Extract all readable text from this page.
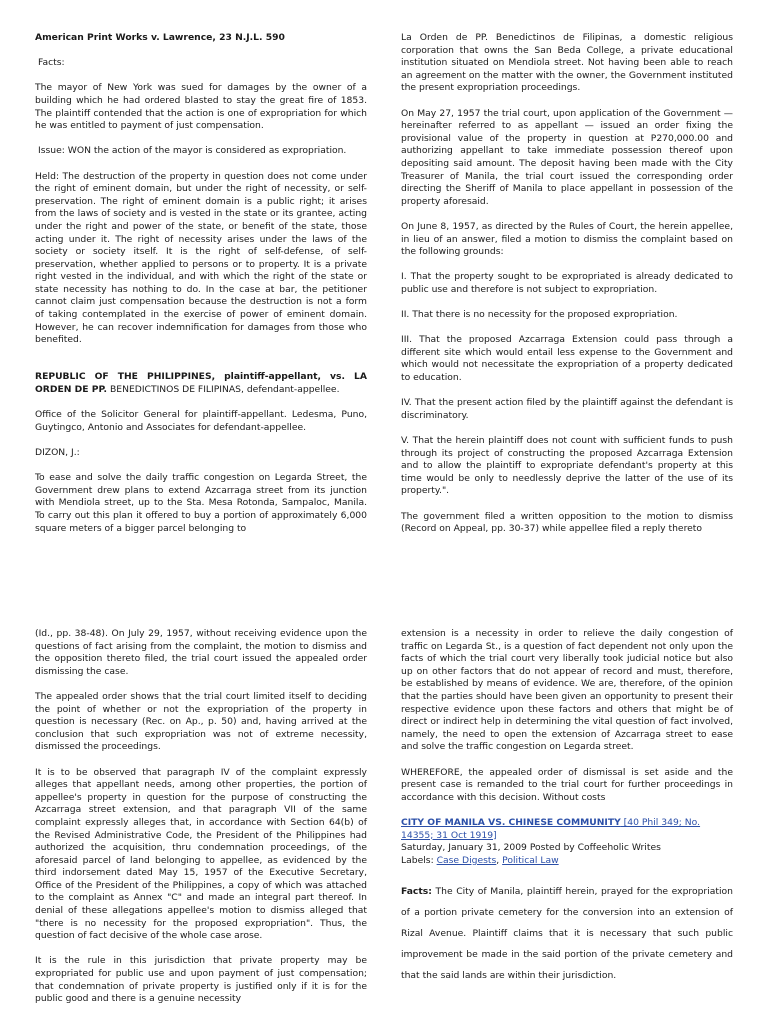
American Print Works v. Lawrence, 23 N.J.L. 590

Facts:

The mayor of New York was sued for damages by the owner of a building which he had ordered blasted to stay the great fire of 1853. The plaintiff contended that the action is one of expropriation for which he was entitled to payment of just compensation.

Issue: WON the action of the mayor is considered as expropriation.

Held: The destruction of the property in question does not come under the right of eminent domain, but under the right of necessity, or self-preservation. The right of eminent domain is a public right; it arises from the laws of society and is vested in the state or its grantee, acting under the right and power of the state, or benefit of the state, those acting under it. The right of necessity arises under the laws of the society or society itself. It is the right of self-defense, of self-preservation, whether applied to persons or to property. It is a private right vested in the individual, and with which the right of the state or state necessity has nothing to do. In the case at bar, the petitioner cannot claim just compensation because the destruction is not a form of taking contemplated in the exercise of power of eminent domain. However, he can recover indemnification for damages from those who benefited.

REPUBLIC OF THE PHILIPPINES, plaintiff-appellant, vs. LA ORDEN DE PP. BENEDICTINOS DE FILIPINAS, defendant-appellee.

Office of the Solicitor General for plaintiff-appellant. Ledesma, Puno, Guytingco, Antonio and Associates for defendant-appellee.

DIZON, J.:

To ease and solve the daily traffic congestion on Legarda Street, the Government drew plans to extend Azcarraga street from its junction with Mendiola street, up to the Sta. Mesa Rotonda, Sampaloc, Manila. To carry out this plan it offered to buy a portion of approximately 6,000 square meters of a bigger parcel belonging to

La Orden de PP. Benedictinos de Filipinas, a domestic religious corporation that owns the San Beda College, a private educational institution situated on Mendiola street. Not having been able to reach an agreement on the matter with the owner, the Government instituted the present expropriation proceedings.

On May 27, 1957 the trial court, upon application of the Government — hereinafter referred to as appellant — issued an order fixing the provisional value of the property in question at P270,000.00 and authorizing appellant to take immediate possession thereof upon depositing said amount. The deposit having been made with the City Treasurer of Manila, the trial court issued the corresponding order directing the Sheriff of Manila to place appellant in possession of the property aforesaid.

On June 8, 1957, as directed by the Rules of Court, the herein appellee, in lieu of an answer, filed a motion to dismiss the complaint based on the following grounds:

I. That the property sought to be expropriated is already dedicated to public use and therefore is not subject to expropriation.

II. That there is no necessity for the proposed expropriation.

III. That the proposed Azcarraga Extension could pass through a different site which would entail less expense to the Government and which would not necessitate the expropriation of a property dedicated to education.

IV. That the present action filed by the plaintiff against the defendant is discriminatory.

V. That the herein plaintiff does not count with sufficient funds to push through its project of constructing the proposed Azcarraga Extension and to allow the plaintiff to expropriate defendant's property at this time would be only to needlessly deprive the latter of the use of its property.".

The government filed a written opposition to the motion to dismiss (Record on Appeal, pp. 30-37) while appellee filed a reply thereto

(Id., pp. 38-48). On July 29, 1957, without receiving evidence upon the questions of fact arising from the complaint, the motion to dismiss and the opposition thereto filed, the trial court issued the appealed order dismissing the case.

The appealed order shows that the trial court limited itself to deciding the point of whether or not the expropriation of the property in question is necessary (Rec. on Ap., p. 50) and, having arrived at the conclusion that such expropriation was not of extreme necessity, dismissed the proceedings.

It is to be observed that paragraph IV of the complaint expressly alleges that appellant needs, among other properties, the portion of appellee's property in question for the purpose of constructing the Azcarraga street extension, and that paragraph VII of the same complaint expressly alleges that, in accordance with Section 64(b) of the Revised Administrative Code, the President of the Philippines had authorized the acquisition, thru condemnation proceedings, of the aforesaid parcel of land belonging to appellee, as evidenced by the third indorsement dated May 15, 1957 of the Executive Secretary, Office of the President of the Philippines, a copy of which was attached to the complaint as Annex "C" and made an integral part thereof. In denial of these allegations appellee's motion to dismiss alleged that "there is no necessity for the proposed expropriation". Thus, the question of fact decisive of the whole case arose.

It is the rule in this jurisdiction that private property may be expropriated for public use and upon payment of just compensation; that condemnation of private property is justified only if it is for the public good and there is a genuine necessity

extension is a necessity in order to relieve the daily congestion of traffic on Legarda St., is a question of fact dependent not only upon the facts of which the trial court very liberally took judicial notice but also up on other factors that do not appear of record and must, therefore, be established by means of evidence. We are, therefore, of the opinion that the parties should have been given an opportunity to present their respective evidence upon these factors and others that might be of direct or indirect help in determining the vital question of fact involved, namely, the need to open the extension of Azcarraga street to ease and solve the traffic congestion on Legarda street.

WHEREFORE, the appealed order of dismissal is set aside and the present case is remanded to the trial court for further proceedings in accordance with this decision. Without costs

CITY OF MANILA VS. CHINESE COMMUNITY [40 Phil 349; No. 14355; 31 Oct 1919]

Saturday, January 31, 2009 Posted by Coffeeholic Writes
Labels: Case Digests, Political Law

Facts: The City of Manila, plaintiff herein, prayed for the expropriation of a portion private cemetery for the conversion into an extension of Rizal Avenue. Plaintiff claims that it is necessary that such public improvement be made in the said portion of the private cemetery and that the said lands are within their jurisdiction.
